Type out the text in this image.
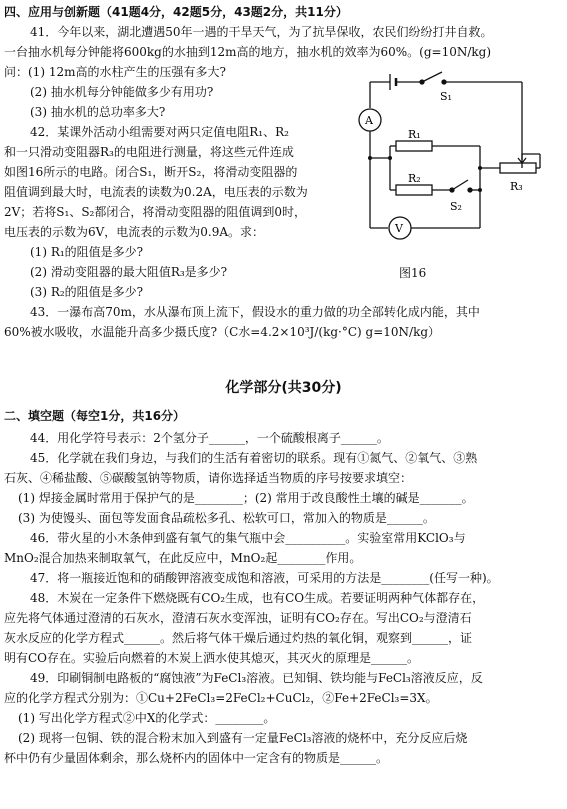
四、应用与创新题（41题4分，42题5分，43题2分，共11分）
41．今年以来，湖北遭遇50年一遇的干旱天气，为了抗旱保收，农民们纷纷打井自救。
一台抽水机每分钟能将600kg的水抽到12m高的地方，抽水机的效率为60%。(g=10N/kg)
问：(1) 12m高的水柱产生的压强有多大?
(2) 抽水机每分钟能做多少有用功?
(3) 抽水机的总功率多大?
42．某课外活动小组需要对两只定值电阻R₁、R₂
和一只滑动变阻器R₃的电阻进行测量，将这些元件连成
如图16所示的电路。闭合S₁，断开S₂，将滑动变阻器的
阻值调到最大时，电流表的读数为0.2A，电压表的示数为
2V；若将S₁、S₂都闭合，将滑动变阻器的阻值调到0时，
电压表的示数为6V，电流表的示数为0.9A。求：
(1) R₁的阻值是多少?
(2) 滑动变阻器的最大阻值R₃是多少?
(3) R₂的阻值是多少?
A
V
S₁
R₁
R₂
S₂
R₃
图16
43．一瀑布高70m，水从瀑布顶上流下，假设水的重力做的功全部转化成内能，其中
60%被水吸收，水温能升高多少摄氏度?（C水=4.2×10³J/(kg·°C) g=10N/kg）
化学部分(共30分)
二、填空题（每空1分，共16分）
44．用化学符号表示：2个氢分子______，一个硫酸根离子______。
45．化学就在我们身边，与我们的生活有着密切的联系。现有①氮气、②氧气、③熟
石灰、④稀盐酸、⑤碳酸氢钠等物质，请你选择适当物质的序号按要求填空：
(1) 焊接金属时常用于保护气的是________；(2) 常用于改良酸性土壤的碱是_______。
(3) 为使馒头、面包等发面食品疏松多孔、松软可口，常加入的物质是______。
46．带火星的小木条伸到盛有氧气的集气瓶中会__________。实验室常用KClO₃与
MnO₂混合加热来制取氧气，在此反应中，MnO₂起________作用。
47．将一瓶接近饱和的硝酸钾溶液变成饱和溶液，可采用的方法是________(任写一种)。
48．木炭在一定条件下燃烧既有CO₂生成，也有CO生成。若要证明两种气体都存在，
应先将气体通过澄清的石灰水，澄清石灰水变浑浊，证明有CO₂存在。写出CO₂与澄清石
灰水反应的化学方程式______。然后将气体干燥后通过灼热的氧化铜，观察到______，证
明有CO存在。实验后向燃着的木炭上洒水使其熄灭，其灭火的原理是______。
49．印刷铜制电路板的“腐蚀液”为FeCl₃溶液。已知铜、铁均能与FeCl₃溶液反应，反
应的化学方程式分别为：①Cu+2FeCl₃=2FeCl₂+CuCl₂，②Fe+2FeCl₃=3X。
(1) 写出化学方程式②中X的化学式：________。
(2) 现将一包铜、铁的混合粉末加入到盛有一定量FeCl₃溶液的烧杯中，充分反应后烧
杯中仍有少量固体剩余，那么烧杯内的固体中一定含有的物质是______。
